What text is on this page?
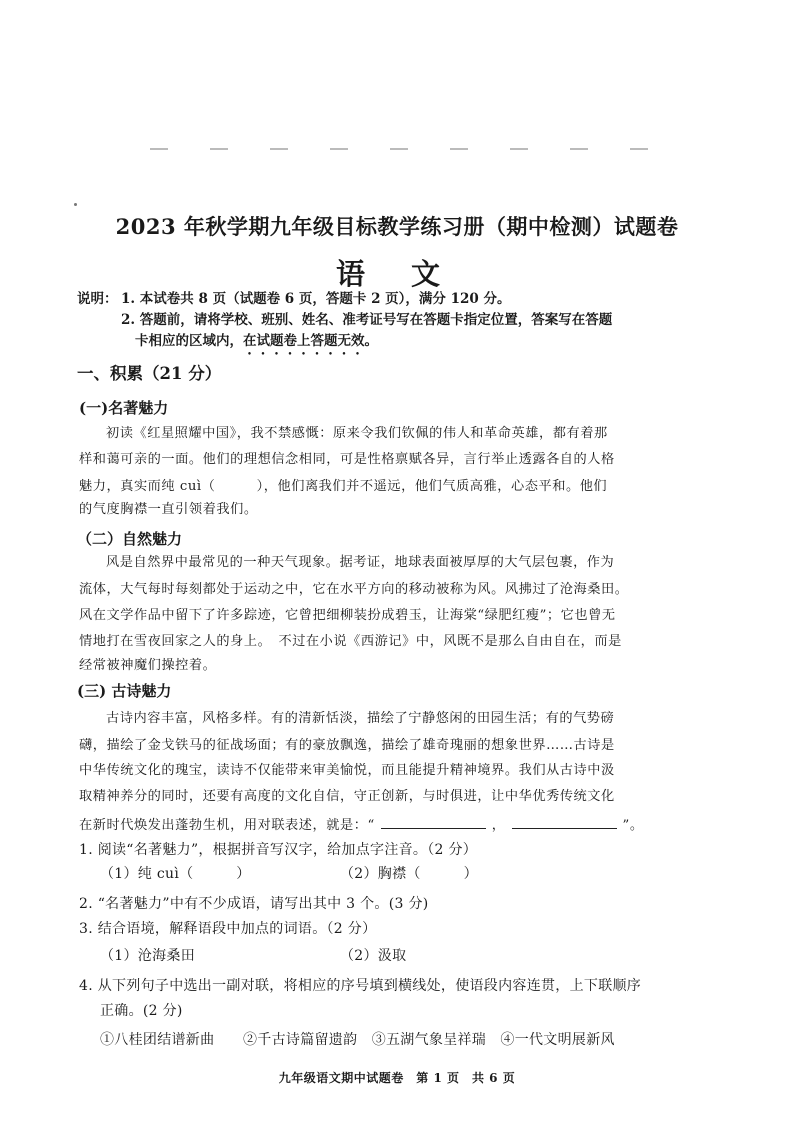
2023 年秋学期九年级目标教学练习册（期中检测）试题卷
语 文
说明： 1. 本试卷共 8 页（试题卷 6 页，答题卡 2 页），满分 120 分。
2. 答题前，请将学校、班别、姓名、准考证号写在答题卡指定位置，答案写在答题
卡相应的区域内，在试题卷上答题无效。
一、积累（21 分）
(一)名著魅力
初读《红星照耀中国》，我不禁感慨：原来令我们钦佩的伟人和革命英雄，都有着那
样和蔼可亲的一面。他们的理想信念相同，可是性格禀赋各异，言行举止透露各自的人格
魅力，真实而纯 cuì（　　　），他们离我们并不遥远，他们气质高雅，心态平和。他们
的气度胸襟一直引领着我们。
（二）自然魅力
风是自然界中最常见的一种天气现象。据考证，地球表面被厚厚的大气层包裹，作为
流体，大气每时每刻都处于运动之中，它在水平方向的移动被称为风。风拂过了沧海桑田。
风在文学作品中留下了许多踪迹，它曾把细柳装扮成碧玉，让海棠“绿肥红瘦”；它也曾无
情地打在雪夜回家之人的身上。　不过在小说《西游记》中，风既不是那么自由自在，而是
经常被神魔们操控着。
(三) 古诗魅力
古诗内容丰富，风格多样。有的清新恬淡，描绘了宁静悠闲的田园生活；有的气势磅
礴，描绘了金戈铁马的征战场面；有的豪放飘逸，描绘了雄奇瑰丽的想象世界……古诗是
中华传统文化的瑰宝，读诗不仅能带来审美愉悦，而且能提升精神境界。我们从古诗中汲
取精神养分的同时，还要有高度的文化自信，守正创新，与时俱进，让中华优秀传统文化
在新时代焕发出蓬勃生机，用对联表述，就是：“	，	”。
1. 阅读“名著魅力”，根据拼音写汉字，给加点字注音。（2 分）
（1）纯 cuì（　　　）	（2）胸襟（　　　）
2. “名著魅力”中有不少成语，请写出其中 3 个。(3 分)
3. 结合语境，解释语段中加点的词语。（2 分）
（1）沧海桑田	（2）汲取
4. 从下列句子中选出一副对联，将相应的序号填到横线处，使语段内容连贯，上下联顺序
正确。(2 分)
①八桂团结谱新曲　　②千古诗篇留遗韵　③五湖气象呈祥瑞　④一代文明展新风
九年级语文期中试题卷　第 1 页　共 6 页
